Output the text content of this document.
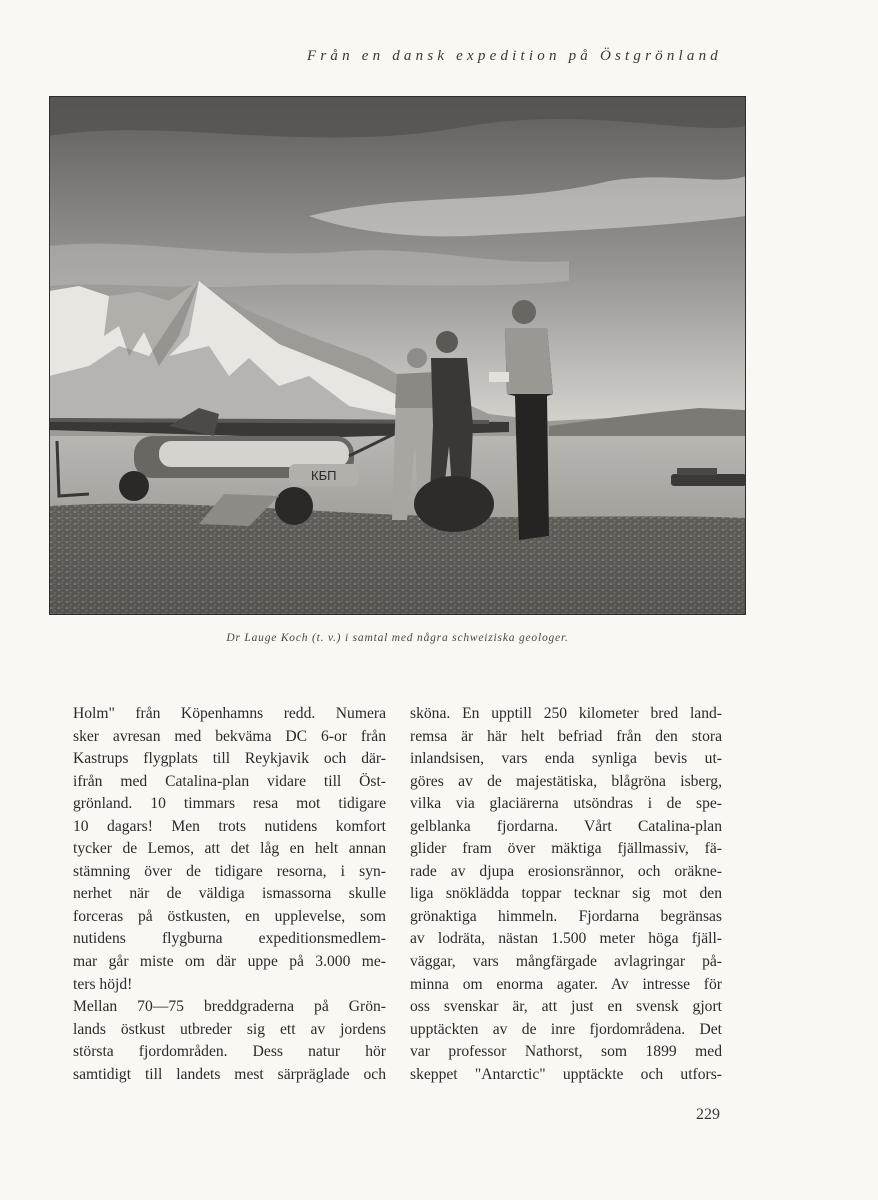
Från en dansk expedition på Östgrönland
КБП
Dr Lauge Koch (t. v.) i samtal med några schweiziska geologer.
Holm" från Köpenhamns redd. Numera
sker avresan med bekväma DC 6-or från
Kastrups flygplats till Reykjavik och där-
ifrån med Catalina-plan vidare till Öst-
grönland. 10 timmars resa mot tidigare
10 dagars! Men trots nutidens komfort
tycker de Lemos, att det låg en helt annan
stämning över de tidigare resorna, i syn-
nerhet när de väldiga ismassorna skulle
forceras på östkusten, en upplevelse, som
nutidens flygburna expeditionsmedlem-
mar går miste om där uppe på 3.000 me-
ters höjd!
Mellan 70—75 breddgraderna på Grön-
lands östkust utbreder sig ett av jordens
största fjordområden. Dess natur hör
samtidigt till landets mest särpräglade och
sköna. En upptill 250 kilometer bred land-
remsa är här helt befriad från den stora
inlandsisen, vars enda synliga bevis ut-
göres av de majestätiska, blågröna isberg,
vilka via glaciärerna utsöndras i de spe-
gelblanka fjordarna. Vårt Catalina-plan
glider fram över mäktiga fjällmassiv, fä-
rade av djupa erosionsrännor, och oräkne-
liga snöklädda toppar tecknar sig mot den
grönaktiga himmeln. Fjordarna begränsas
av lodräta, nästan 1.500 meter höga fjäll-
väggar, vars mångfärgade avlagringar på-
minna om enorma agater. Av intresse för
oss svenskar är, att just en svensk gjort
upptäckten av de inre fjordområdena. Det
var professor Nathorst, som 1899 med
skeppet "Antarctic" upptäckte och utfors-
229
